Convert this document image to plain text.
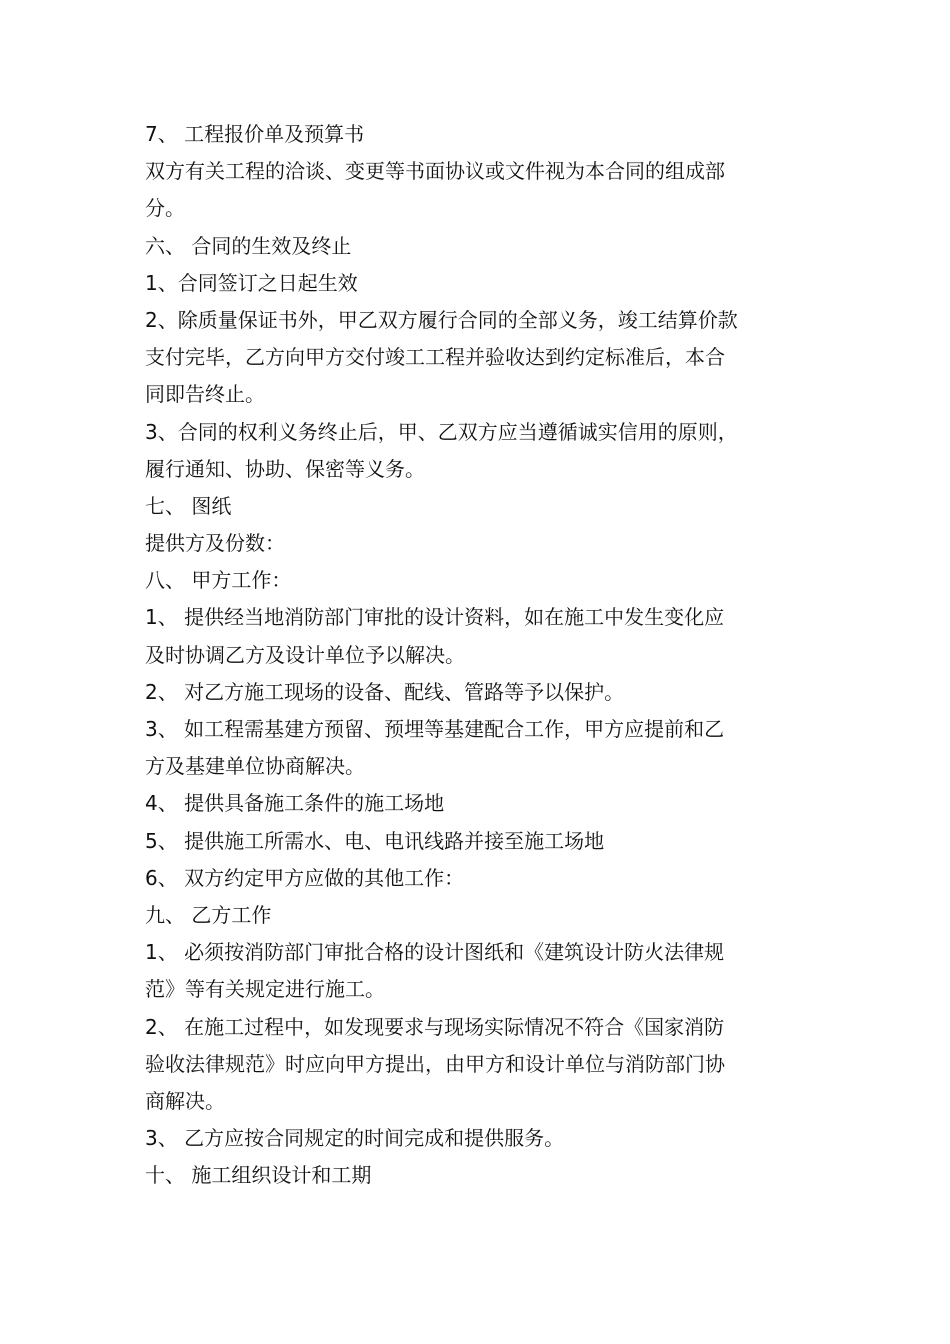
7、 工程报价单及预算书

双方有关工程的洽谈、变更等书面协议或文件视为本合同的组成部

分。

六、 合同的生效及终止

1、合同签订之日起生效

2、除质量保证书外，甲乙双方履行合同的全部义务，竣工结算价款

支付完毕，乙方向甲方交付竣工工程并验收达到约定标准后，本合

同即告终止。

3、合同的权利义务终止后，甲、乙双方应当遵循诚实信用的原则，

履行通知、协助、保密等义务。

七、 图纸

提供方及份数：

八、 甲方工作：

1、 提供经当地消防部门审批的设计资料，如在施工中发生变化应

及时协调乙方及设计单位予以解决。

2、 对乙方施工现场的设备、配线、管路等予以保护。

3、 如工程需基建方预留、预埋等基建配合工作，甲方应提前和乙

方及基建单位协商解决。

4、 提供具备施工条件的施工场地

5、 提供施工所需水、电、电讯线路并接至施工场地

6、 双方约定甲方应做的其他工作：

九、 乙方工作

1、 必须按消防部门审批合格的设计图纸和《建筑设计防火法律规

范》等有关规定进行施工。

2、 在施工过程中，如发现要求与现场实际情况不符合《国家消防

验收法律规范》时应向甲方提出，由甲方和设计单位与消防部门协

商解决。

3、 乙方应按合同规定的时间完成和提供服务。

十、 施工组织设计和工期
